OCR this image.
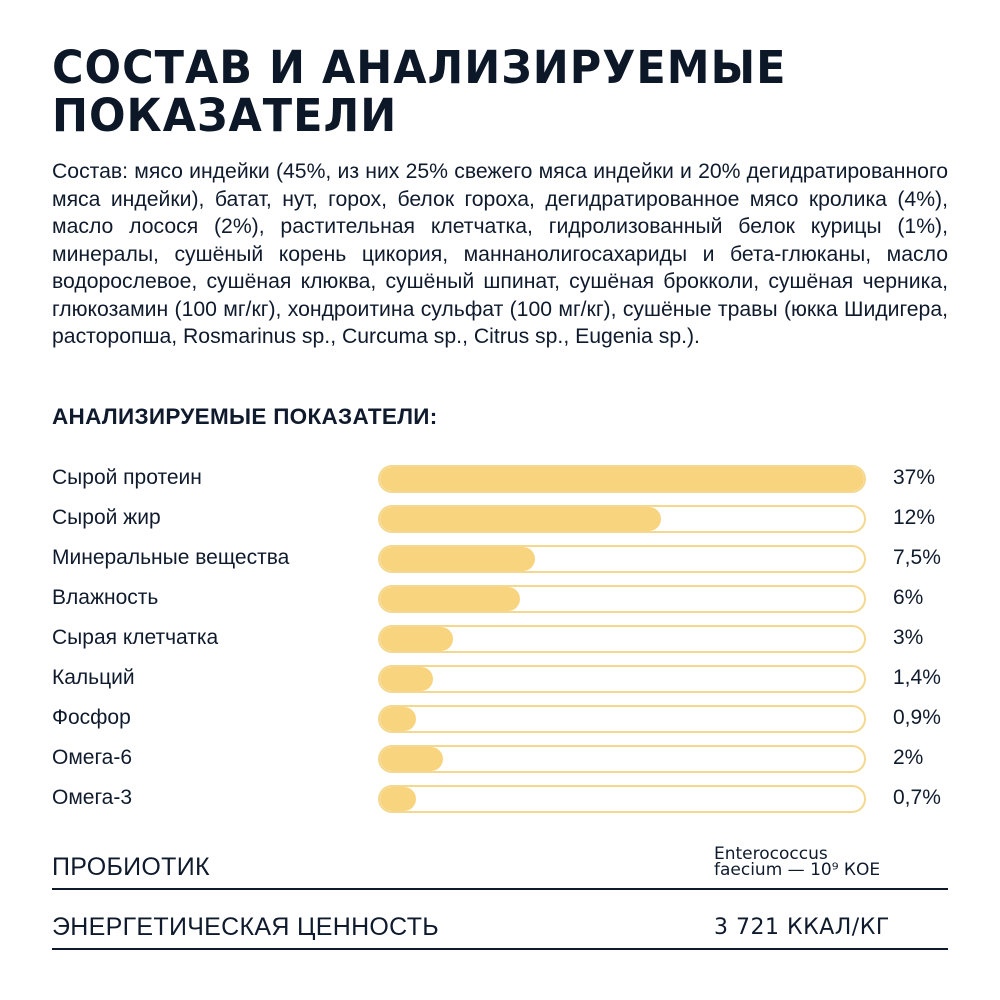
СОСТАВ И АНАЛИЗИРУЕМЫЕ
ПОКАЗАТЕЛИ

Состав: мясо индейки (45%, из них 25% свежего мяса индейки и 20% дегидратированного мяса индейки), батат, нут, горох, белок гороха, дегидратированное мясо кролика (4%), масло лосося (2%), растительная клетчатка, гидролизованный белок курицы (1%), минералы, сушёный корень цикория, маннанолигосахариды и бета-глюканы, масло водорослевое, сушёная клюква, сушёный шпинат, сушёная брокколи, сушёная черника, глюкозамин (100 мг/кг), хондроитина сульфат (100 мг/кг), сушёные травы (юкка Шидигера, расторопша, Rosmarinus sp., Curcuma sp., Citrus sp., Eugenia sp.).

АНАЛИЗИРУЕМЫЕ ПОКАЗАТЕЛИ:
Сырой протеин	37%
Сырой жир	12%
Минеральные вещества	7,5%
Влажность	6%
Сырая клетчатка	3%
Кальций	1,4%
Фосфор	0,9%
Омега-6	2%
Омега-3	0,7%
ПРОБИОТИК	Enterococcus
faecium — 10⁹ КОЕ
ЭНЕРГЕТИЧЕСКАЯ ЦЕННОСТЬ	3 721 ККАЛ/КГ
